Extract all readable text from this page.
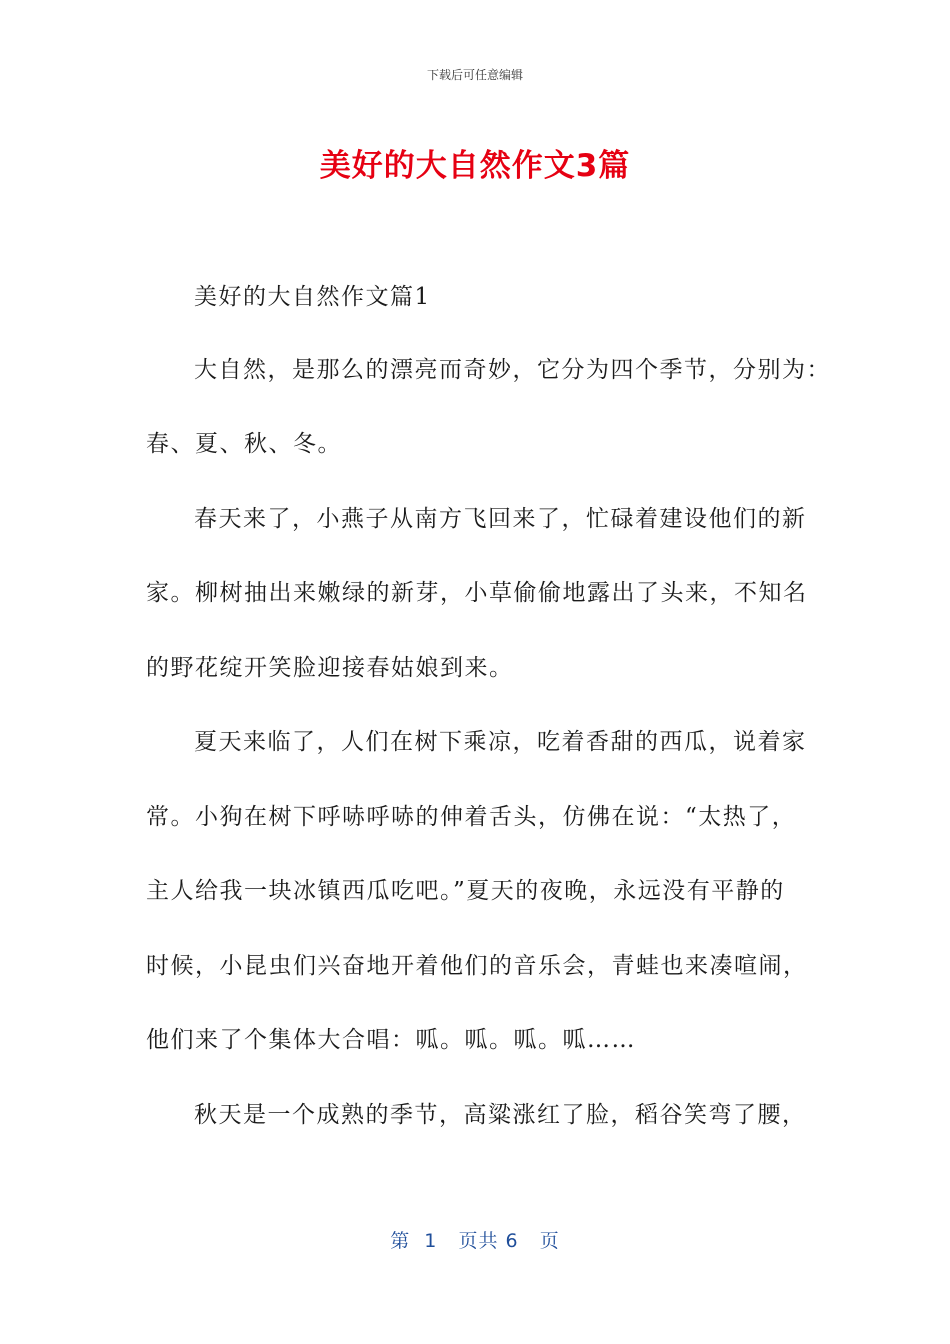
下载后可任意编辑
美好的大自然作文3篇
美好的大自然作文篇1
大自然，是那么的漂亮而奇妙，它分为四个季节，分别为：
春、夏、秋、冬。
春天来了，小燕子从南方飞回来了，忙碌着建设他们的新
家。柳树抽出来嫩绿的新芽，小草偷偷地露出了头来，不知名
的野花绽开笑脸迎接春姑娘到来。
夏天来临了，人们在树下乘凉，吃着香甜的西瓜，说着家
常。小狗在树下呼哧呼哧的伸着舌头，仿佛在说：“太热了，
主人给我一块冰镇西瓜吃吧。”夏天的夜晚，永远没有平静的
时候，小昆虫们兴奋地开着他们的音乐会，青蛙也来凑喧闹，
他们来了个集体大合唱：呱。呱。呱。呱……
秋天是一个成熟的季节，高粱涨红了脸，稻谷笑弯了腰，
第  1   页共 6   页
